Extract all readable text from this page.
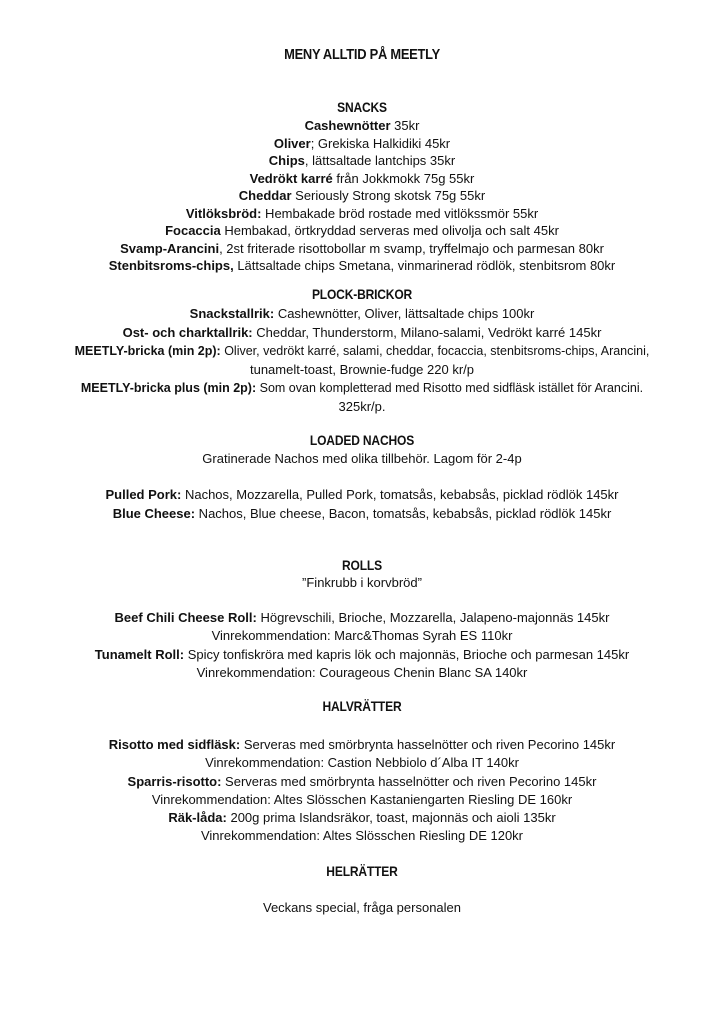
MENY ALLTID PÅ MEETLY
SNACKS
Cashewnötter 35kr
Oliver; Grekiska Halkidiki 45kr
Chips, lättsaltade lantchips 35kr
Vedrökt karré från Jokkmokk 75g 55kr
Cheddar Seriously Strong skotsk 75g 55kr
Vitlöksbröd: Hembakade bröd rostade med vitlökssmör 55kr
Focaccia Hembakad, örtkryddad serveras med olivolja och salt 45kr
Svamp-Arancini, 2st friterade risottobollar m svamp, tryffelmajo och parmesan 80kr
Stenbitsroms-chips, Lättsaltade chips Smetana, vinmarinerad rödlök, stenbitsrom 80kr
PLOCK-BRICKOR
Snackstallrik: Cashewnötter, Oliver, lättsaltade chips 100kr
Ost- och charktallrik: Cheddar, Thunderstorm, Milano-salami, Vedrökt karré 145kr
MEETLY-bricka (min 2p): Oliver, vedrökt karré, salami, cheddar, focaccia, stenbitsroms-chips, Arancini,
tunamelt-toast, Brownie-fudge 220 kr/p
MEETLY-bricka plus (min 2p): Som ovan kompletterad med Risotto med sidfläsk istället för Arancini.
325kr/p.
LOADED NACHOS
Gratinerade Nachos med olika tillbehör. Lagom för 2-4p
Pulled Pork: Nachos, Mozzarella, Pulled Pork, tomatsås, kebabsås, picklad rödlök 145kr
Blue Cheese: Nachos, Blue cheese, Bacon, tomatsås, kebabsås, picklad rödlök 145kr
ROLLS
”Finkrubb i korvbröd”
Beef Chili Cheese Roll: Högrevschili, Brioche, Mozzarella, Jalapeno-majonnäs 145kr
Vinrekommendation: Marc&Thomas Syrah ES 110kr
Tunamelt Roll: Spicy tonfiskröra med kapris lök och majonnäs, Brioche och parmesan 145kr
Vinrekommendation: Courageous Chenin Blanc SA 140kr
HALVRÄTTER
Risotto med sidfläsk: Serveras med smörbrynta hasselnötter och riven Pecorino 145kr
Vinrekommendation: Castion Nebbiolo d´Alba IT 140kr
Sparris-risotto: Serveras med smörbrynta hasselnötter och riven Pecorino 145kr
Vinrekommendation: Altes Slösschen Kastaniengarten Riesling DE 160kr
Räk-låda: 200g prima Islandsräkor, toast, majonnäs och aioli 135kr
Vinrekommendation: Altes Slösschen Riesling DE 120kr
HELRÄTTER
Veckans special, fråga personalen
